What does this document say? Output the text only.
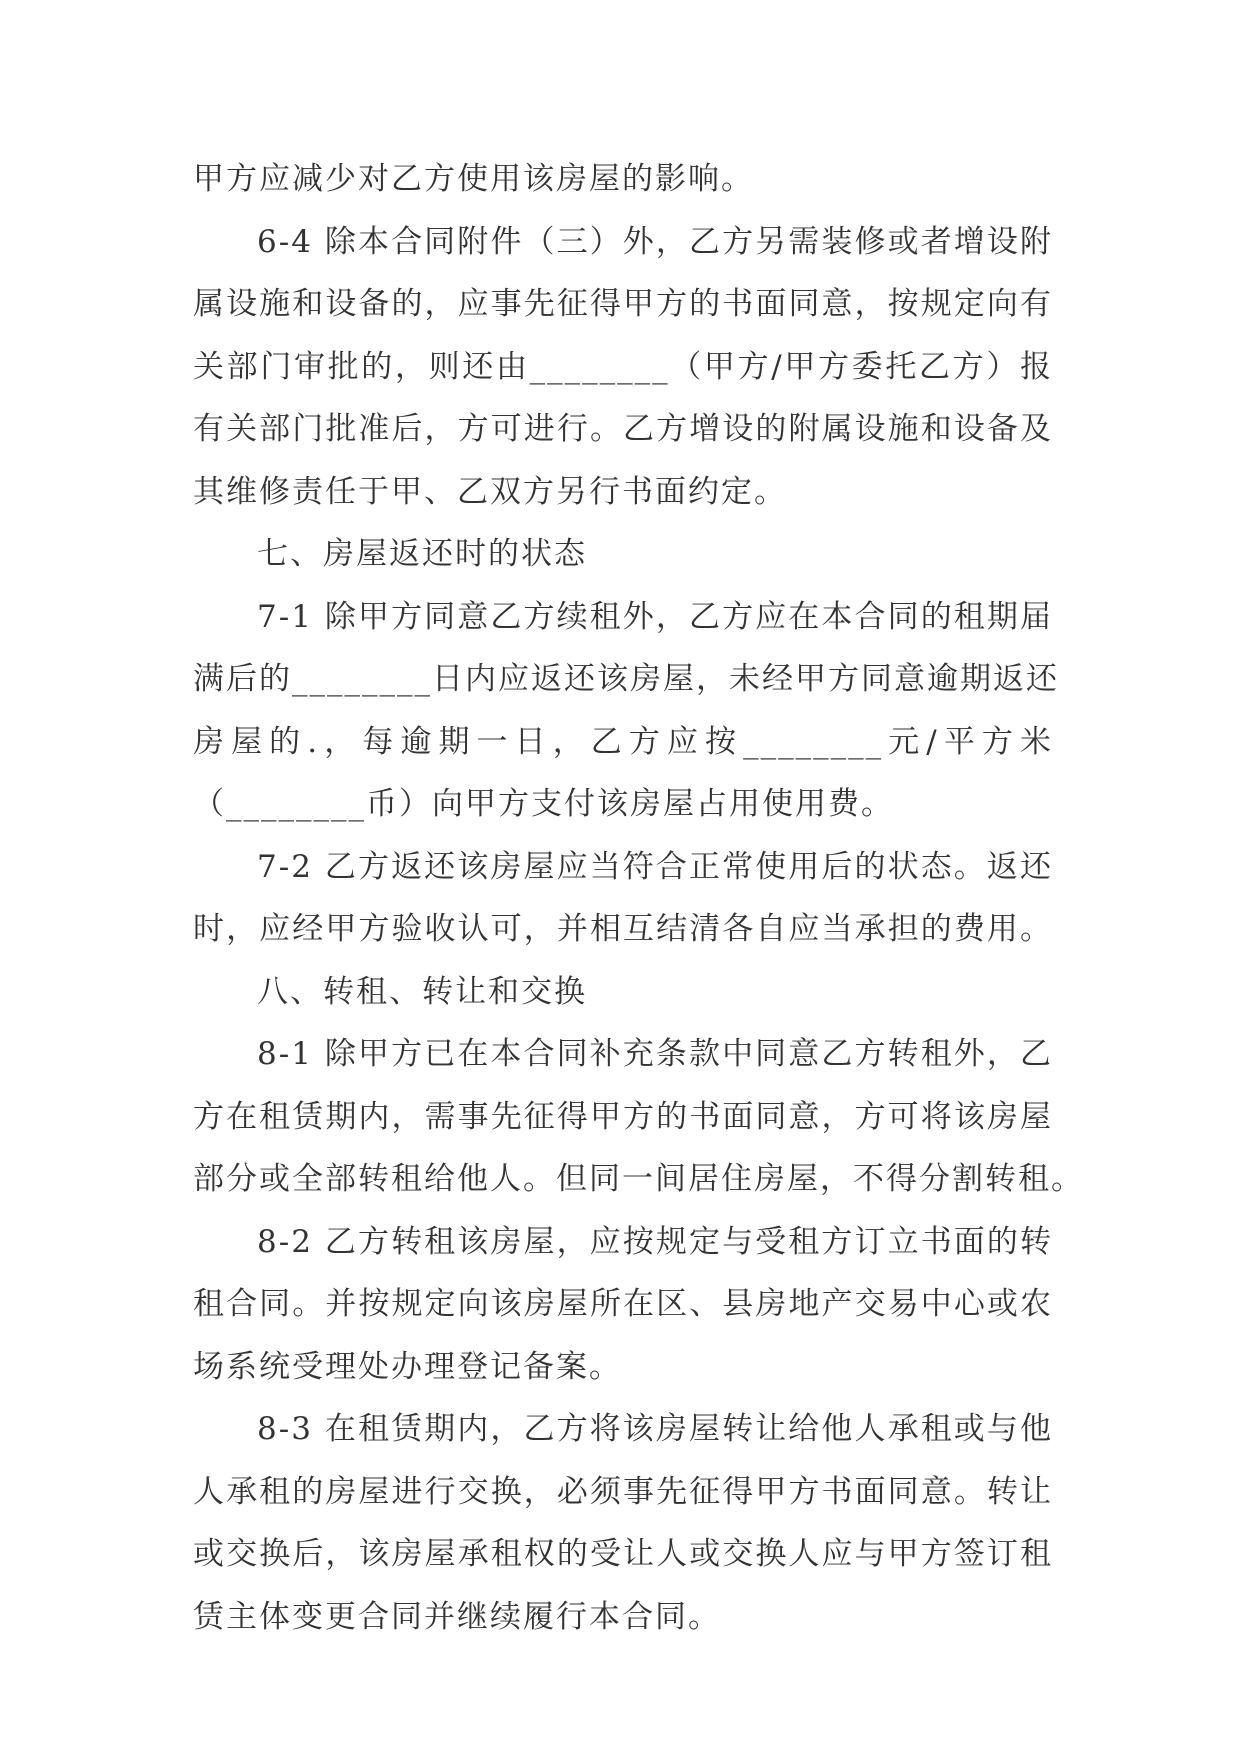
甲方应减少对乙方使用该房屋的影响。
6-4 除本合同附件（三）外，乙方另需装修或者增设附
属设施和设备的，应事先征得甲方的书面同意，按规定向有
关部门审批的，则还由________（甲方/甲方委托乙方）报
有关部门批准后，方可进行。乙方增设的附属设施和设备及
其维修责任于甲、乙双方另行书面约定。
七、房屋返还时的状态
7-1 除甲方同意乙方续租外，乙方应在本合同的租期届
满后的________日内应返还该房屋，未经甲方同意逾期返还
房屋的.，每逾期一日，乙方应按________元/平方米
（________币）向甲方支付该房屋占用使用费。
7-2 乙方返还该房屋应当符合正常使用后的状态。返还
时，应经甲方验收认可，并相互结清各自应当承担的费用。
八、转租、转让和交换
8-1 除甲方已在本合同补充条款中同意乙方转租外，乙
方在租赁期内，需事先征得甲方的书面同意，方可将该房屋
部分或全部转租给他人。但同一间居住房屋，不得分割转租。
8-2 乙方转租该房屋，应按规定与受租方订立书面的转
租合同。并按规定向该房屋所在区、县房地产交易中心或农
场系统受理处办理登记备案。
8-3 在租赁期内，乙方将该房屋转让给他人承租或与他
人承租的房屋进行交换，必须事先征得甲方书面同意。转让
或交换后，该房屋承租权的受让人或交换人应与甲方签订租
赁主体变更合同并继续履行本合同。
